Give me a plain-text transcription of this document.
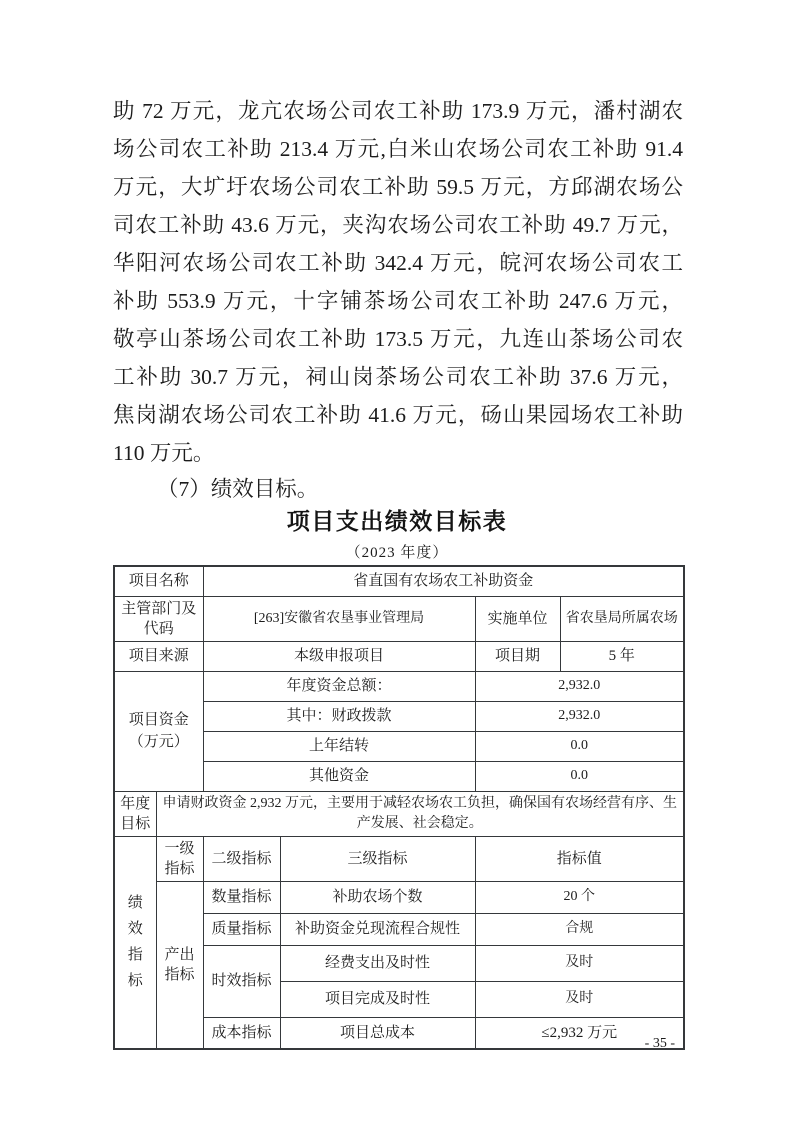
助 72 万元，龙亢农场公司农工补助 173.9 万元，潘村湖农
场公司农工补助 213.4 万元,白米山农场公司农工补助 91.4
万元，大圹圩农场公司农工补助 59.5 万元，方邱湖农场公
司农工补助 43.6 万元，夹沟农场公司农工补助 49.7 万元，
华阳河农场公司农工补助 342.4 万元，皖河农场公司农工
补助 553.9 万元，十字铺茶场公司农工补助 247.6 万元，
敬亭山茶场公司农工补助 173.5 万元，九连山茶场公司农
工补助 30.7 万元，祠山岗茶场公司农工补助 37.6 万元，
焦岗湖农场公司农工补助 41.6 万元，砀山果园场农工补助
110 万元。
（7）绩效目标。
项目支出绩效目标表
（2023 年度）
项目名称		省直国有农场农工补助资金			
主管部门及代码		[263]安徽省农垦事业管理局		实施单位	省农垦局所属农场
项目来源		本级申报项目		项目期	5 年

项目资金（万元）		年度资金总额：		2,932.0	
		其中：财政拨款		2,932.0	
		上年结转		0.0	
		其他资金		0.0	
年度目标	申请财政资金 2,932 万元，主要用于减轻农场农工负担，确保国有农场经营有序、生产发展、社会稳定。				

绩效指标	一级指标	二级指标	三级指标	指标值	

	产出指标	数量指标	补助农场个数	20 个	
		质量指标	补助资金兑现流程合规性	合规	
		时效指标	经费支出及时性	及时	
			项目完成及时性	及时	
		成本指标	项目总成本	≤2,932 万元	
- 35 -
